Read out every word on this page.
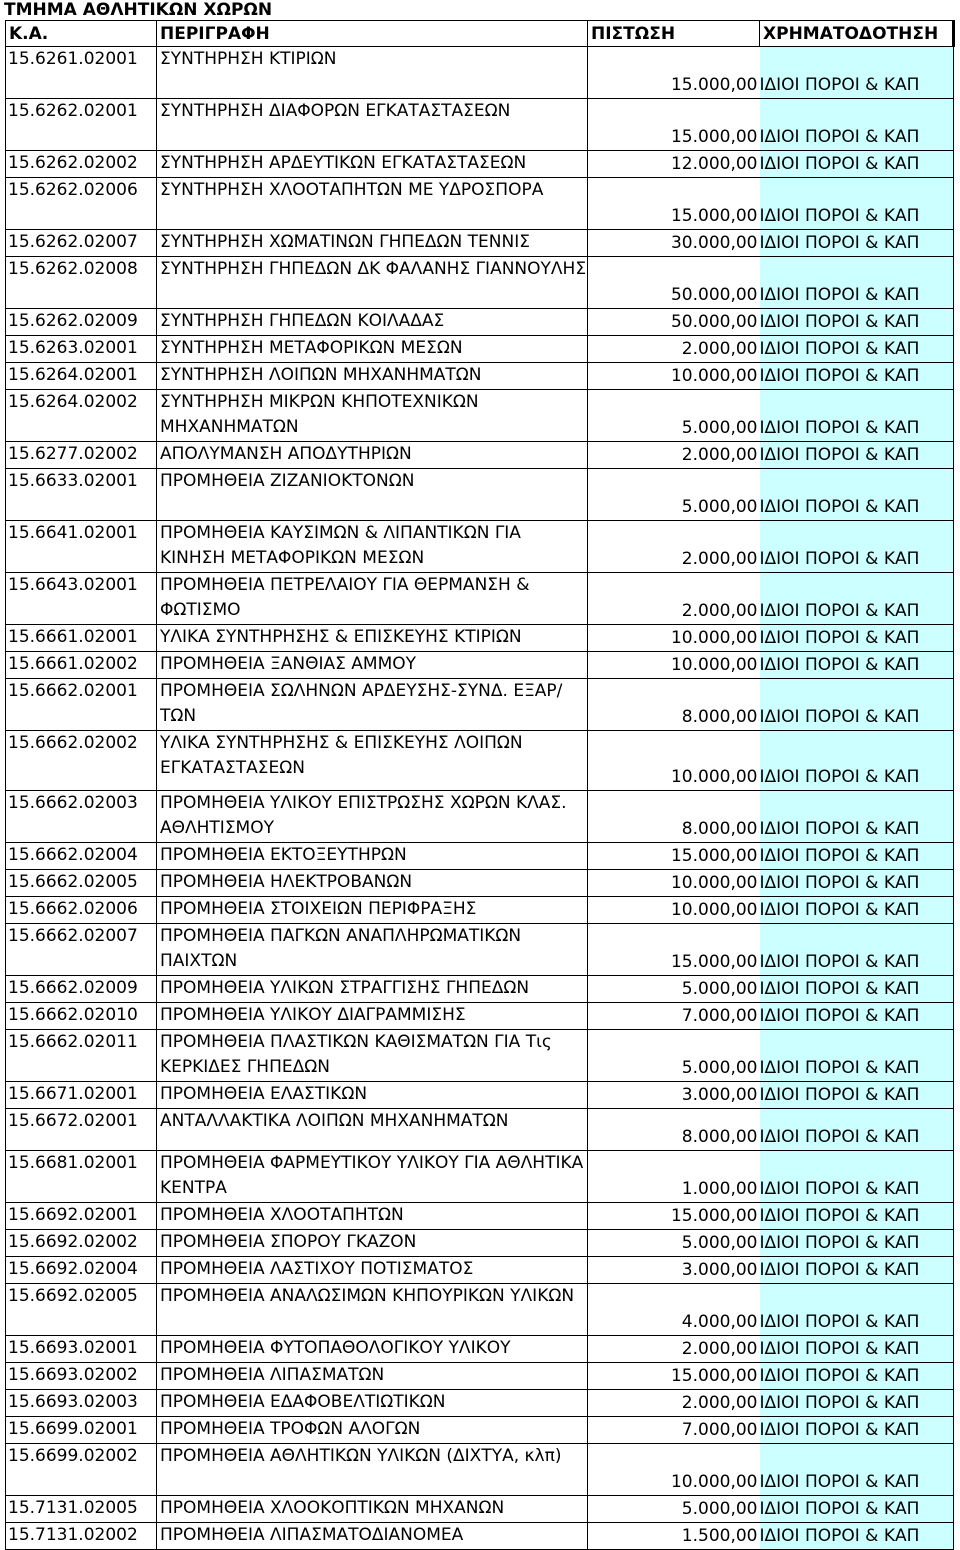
ΤΜΗΜΑ ΑΘΛΗΤΙΚΩΝ ΧΩΡΩΝ
Κ.Α.	ΠΕΡΙΓΡΑΦΗ	ΠΙΣΤΩΣΗ	ΧΡΗΜΑΤΟΔΟΤΗΣΗ
15.6261.02001	ΣΥΝΤΗΡΗΣΗ ΚΤΙΡΙΩΝ	15.000,00	ΙΔΙΟΙ ΠΟΡΟΙ & ΚΑΠ
15.6262.02001	ΣΥΝΤΗΡΗΣΗ ΔΙΑΦΟΡΩΝ ΕΓΚΑΤΑΣΤΑΣΕΩΝ	15.000,00	ΙΔΙΟΙ ΠΟΡΟΙ & ΚΑΠ
15.6262.02002	ΣΥΝΤΗΡΗΣΗ ΑΡΔΕΥΤΙΚΩΝ ΕΓΚΑΤΑΣΤΑΣΕΩΝ	12.000,00	ΙΔΙΟΙ ΠΟΡΟΙ & ΚΑΠ
15.6262.02006	ΣΥΝΤΗΡΗΣΗ ΧΛΟΟΤΑΠΗΤΩΝ ΜΕ ΥΔΡΟΣΠΟΡΑ	15.000,00	ΙΔΙΟΙ ΠΟΡΟΙ & ΚΑΠ
15.6262.02007	ΣΥΝΤΗΡΗΣΗ ΧΩΜΑΤΙΝΩΝ ΓΗΠΕΔΩΝ ΤΕΝΝΙΣ	30.000,00	ΙΔΙΟΙ ΠΟΡΟΙ & ΚΑΠ
15.6262.02008	ΣΥΝΤΗΡΗΣΗ ΓΗΠΕΔΩΝ ΔΚ ΦΑΛΑΝΗΣ ΓΙΑΝΝΟΥΛΗΣ	50.000,00	ΙΔΙΟΙ ΠΟΡΟΙ & ΚΑΠ
15.6262.02009	ΣΥΝΤΗΡΗΣΗ ΓΗΠΕΔΩΝ ΚΟΙΛΑΔΑΣ	50.000,00	ΙΔΙΟΙ ΠΟΡΟΙ & ΚΑΠ
15.6263.02001	ΣΥΝΤΗΡΗΣΗ ΜΕΤΑΦΟΡΙΚΩΝ ΜΕΣΩΝ	2.000,00	ΙΔΙΟΙ ΠΟΡΟΙ & ΚΑΠ
15.6264.02001	ΣΥΝΤΗΡΗΣΗ ΛΟΙΠΩΝ ΜΗΧΑΝΗΜΑΤΩΝ	10.000,00	ΙΔΙΟΙ ΠΟΡΟΙ & ΚΑΠ
15.6264.02002	ΣΥΝΤΗΡΗΣΗ ΜΙΚΡΩΝ ΚΗΠΟΤΕΧΝΙΚΩΝ ΜΗΧΑΝΗΜΑΤΩΝ	5.000,00	ΙΔΙΟΙ ΠΟΡΟΙ & ΚΑΠ
15.6277.02002	ΑΠΟΛΥΜΑΝΣΗ ΑΠΟΔΥΤΗΡΙΩΝ	2.000,00	ΙΔΙΟΙ ΠΟΡΟΙ & ΚΑΠ
15.6633.02001	ΠΡΟΜΗΘΕΙΑ ΖΙΖΑΝΙΟΚΤΟΝΩΝ	5.000,00	ΙΔΙΟΙ ΠΟΡΟΙ & ΚΑΠ
15.6641.02001	ΠΡΟΜΗΘΕΙΑ ΚΑΥΣΙΜΩΝ & ΛΙΠΑΝΤΙΚΩΝ ΓΙΑ ΚΙΝΗΣΗ ΜΕΤΑΦΟΡΙΚΩΝ ΜΕΣΩΝ	2.000,00	ΙΔΙΟΙ ΠΟΡΟΙ & ΚΑΠ
15.6643.02001	ΠΡΟΜΗΘΕΙΑ ΠΕΤΡΕΛΑΙΟΥ ΓΙΑ ΘΕΡΜΑΝΣΗ & ΦΩΤΙΣΜΟ	2.000,00	ΙΔΙΟΙ ΠΟΡΟΙ & ΚΑΠ
15.6661.02001	ΥΛΙΚΑ ΣΥΝΤΗΡΗΣΗΣ & ΕΠΙΣΚΕΥΗΣ ΚΤΙΡΙΩΝ	10.000,00	ΙΔΙΟΙ ΠΟΡΟΙ & ΚΑΠ
15.6661.02002	ΠΡΟΜΗΘΕΙΑ ΞΑΝΘΙΑΣ ΑΜΜΟΥ	10.000,00	ΙΔΙΟΙ ΠΟΡΟΙ & ΚΑΠ
15.6662.02001	ΠΡΟΜΗΘΕΙΑ ΣΩΛΗΝΩΝ ΑΡΔΕΥΣΗΣ-ΣΥΝΔ. ΕΞΑΡ/ΤΩΝ	8.000,00	ΙΔΙΟΙ ΠΟΡΟΙ & ΚΑΠ
15.6662.02002	ΥΛΙΚΑ ΣΥΝΤΗΡΗΣΗΣ & ΕΠΙΣΚΕΥΗΣ ΛΟΙΠΩΝ ΕΓΚΑΤΑΣΤΑΣΕΩΝ	10.000,00	ΙΔΙΟΙ ΠΟΡΟΙ & ΚΑΠ
15.6662.02003	ΠΡΟΜΗΘΕΙΑ ΥΛΙΚΟΥ ΕΠΙΣΤΡΩΣΗΣ ΧΩΡΩΝ ΚΛΑΣ. ΑΘΛΗΤΙΣΜΟΥ	8.000,00	ΙΔΙΟΙ ΠΟΡΟΙ & ΚΑΠ
15.6662.02004	ΠΡΟΜΗΘΕΙΑ ΕΚΤΟΞΕΥΤΗΡΩΝ	15.000,00	ΙΔΙΟΙ ΠΟΡΟΙ & ΚΑΠ
15.6662.02005	ΠΡΟΜΗΘΕΙΑ ΗΛΕΚΤΡΟΒΑΝΩΝ	10.000,00	ΙΔΙΟΙ ΠΟΡΟΙ & ΚΑΠ
15.6662.02006	ΠΡΟΜΗΘΕΙΑ ΣΤΟΙΧΕΙΩΝ ΠΕΡΙΦΡΑΞΗΣ	10.000,00	ΙΔΙΟΙ ΠΟΡΟΙ & ΚΑΠ
15.6662.02007	ΠΡΟΜΗΘΕΙΑ ΠΑΓΚΩΝ ΑΝΑΠΛΗΡΩΜΑΤΙΚΩΝ ΠΑΙΧΤΩΝ	15.000,00	ΙΔΙΟΙ ΠΟΡΟΙ & ΚΑΠ
15.6662.02009	ΠΡΟΜΗΘΕΙΑ ΥΛΙΚΩΝ ΣΤΡΑΓΓΙΣΗΣ ΓΗΠΕΔΩΝ	5.000,00	ΙΔΙΟΙ ΠΟΡΟΙ & ΚΑΠ
15.6662.02010	ΠΡΟΜΗΘΕΙΑ ΥΛΙΚΟΥ ΔΙΑΓΡΑΜΜΙΣΗΣ	7.000,00	ΙΔΙΟΙ ΠΟΡΟΙ & ΚΑΠ
15.6662.02011	ΠΡΟΜΗΘΕΙΑ ΠΛΑΣΤΙΚΩΝ ΚΑΘΙΣΜΑΤΩΝ ΓΙΑ Τις ΚΕΡΚΙΔΕΣ ΓΗΠΕΔΩΝ	5.000,00	ΙΔΙΟΙ ΠΟΡΟΙ & ΚΑΠ
15.6671.02001	ΠΡΟΜΗΘΕΙΑ ΕΛΑΣΤΙΚΩΝ	3.000,00	ΙΔΙΟΙ ΠΟΡΟΙ & ΚΑΠ
15.6672.02001	ΑΝΤΑΛΛΑΚΤΙΚΑ ΛΟΙΠΩΝ ΜΗΧΑΝΗΜΑΤΩΝ	8.000,00	ΙΔΙΟΙ ΠΟΡΟΙ & ΚΑΠ
15.6681.02001	ΠΡΟΜΗΘΕΙΑ ΦΑΡΜΕΥΤΙΚΟΥ ΥΛΙΚΟΥ ΓΙΑ ΑΘΛΗΤΙΚΑ ΚΕΝΤΡΑ	1.000,00	ΙΔΙΟΙ ΠΟΡΟΙ & ΚΑΠ
15.6692.02001	ΠΡΟΜΗΘΕΙΑ ΧΛΟΟΤΑΠΗΤΩΝ	15.000,00	ΙΔΙΟΙ ΠΟΡΟΙ & ΚΑΠ
15.6692.02002	ΠΡΟΜΗΘΕΙΑ ΣΠΟΡΟΥ ΓΚΑΖΟΝ	5.000,00	ΙΔΙΟΙ ΠΟΡΟΙ & ΚΑΠ
15.6692.02004	ΠΡΟΜΗΘΕΙΑ ΛΑΣΤΙΧΟΥ ΠΟΤΙΣΜΑΤΟΣ	3.000,00	ΙΔΙΟΙ ΠΟΡΟΙ & ΚΑΠ
15.6692.02005	ΠΡΟΜΗΘΕΙΑ ΑΝΑΛΩΣΙΜΩΝ ΚΗΠΟΥΡΙΚΩΝ ΥΛΙΚΩΝ	4.000,00	ΙΔΙΟΙ ΠΟΡΟΙ & ΚΑΠ
15.6693.02001	ΠΡΟΜΗΘΕΙΑ ΦΥΤΟΠΑΘΟΛΟΓΙΚΟΥ ΥΛΙΚΟΥ	2.000,00	ΙΔΙΟΙ ΠΟΡΟΙ & ΚΑΠ
15.6693.02002	ΠΡΟΜΗΘΕΙΑ ΛΙΠΑΣΜΑΤΩΝ	15.000,00	ΙΔΙΟΙ ΠΟΡΟΙ & ΚΑΠ
15.6693.02003	ΠΡΟΜΗΘΕΙΑ ΕΔΑΦΟΒΕΛΤΙΩΤΙΚΩΝ	2.000,00	ΙΔΙΟΙ ΠΟΡΟΙ & ΚΑΠ
15.6699.02001	ΠΡΟΜΗΘΕΙΑ ΤΡΟΦΩΝ ΑΛΟΓΩΝ	7.000,00	ΙΔΙΟΙ ΠΟΡΟΙ & ΚΑΠ
15.6699.02002	ΠΡΟΜΗΘΕΙΑ ΑΘΛΗΤΙΚΩΝ ΥΛΙΚΩΝ (ΔΙΧΤΥΑ, κλπ)	10.000,00	ΙΔΙΟΙ ΠΟΡΟΙ & ΚΑΠ
15.7131.02005	ΠΡΟΜΗΘΕΙΑ ΧΛΟΟΚΟΠΤΙΚΩΝ ΜΗΧΑΝΩΝ	5.000,00	ΙΔΙΟΙ ΠΟΡΟΙ & ΚΑΠ
15.7131.02002	ΠΡΟΜΗΘΕΙΑ ΛΙΠΑΣΜΑΤΟΔΙΑΝΟΜΕΑ	1.500,00	ΙΔΙΟΙ ΠΟΡΟΙ & ΚΑΠ
